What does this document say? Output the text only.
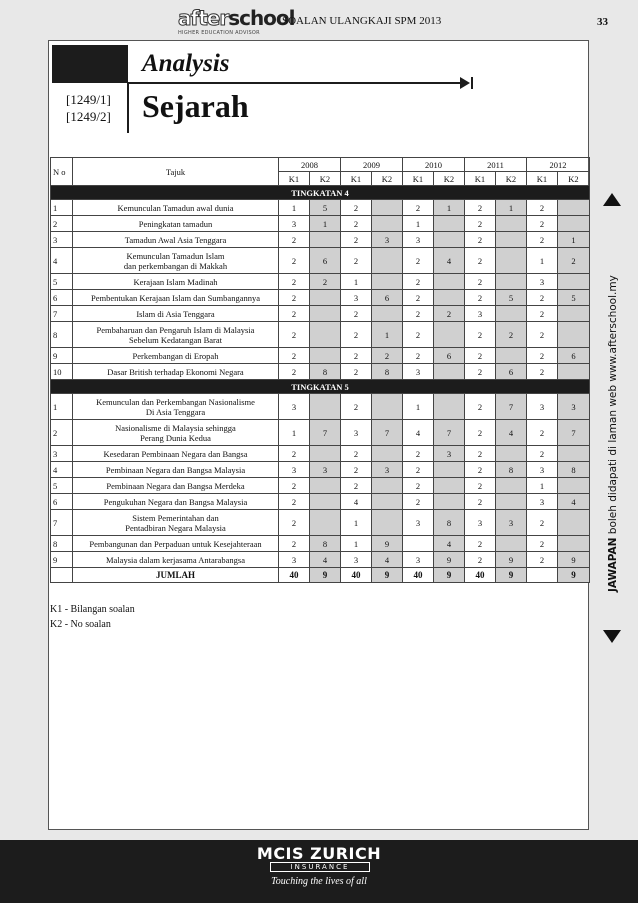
afterschool
HIGHER EDUCATION ADVISOR
SOALAN ULANGKAJI SPM 2013	33
Analysis
[1249/1]
[1249/2] Sejarah
N o	Tajuk	2008		2009		2010		2011		2012	
		K1	K2	K1	K2	K1	K2	K1	K2	K1	K2
TINGKATAN 4											
1	Kemunculan Tamadun awal dunia	1	5	2		2	1	2	1	2	
2	Peningkatan tamadun	3	1	2		1		2		2	
3	Tamadun Awal Asia Tenggara	2		2	3	3		2		2	1
4	Kemunculan Tamadun Islam
dan perkembangan di Makkah	2	6	2		2	4	2		1	2
5	Kerajaan Islam Madinah	2	2	1		2		2		3	
6	Pembentukan Kerajaan Islam dan Sumbangannya	2		3	6	2		2	5	2	5
7	Islam di Asia Tenggara	2		2		2	2	3		2	
8	Pembaharuan dan Pengaruh Islam di Malaysia
Sebelum Kedatangan Barat	2		2	1	2		2	2	2	
9	Perkembangan di Eropah	2		2	2	2	6	2		2	6
10	Dasar British terhadap Ekonomi Negara	2	8	2	8	3		2	6	2	
TINGKATAN 5											
1	Kemunculan dan Perkembangan Nasionalisme
Di Asia Tenggara	3		2		1		2	7	3	3
2	Nasionalisme di Malaysia sehingga
Perang Dunia Kedua	1	7	3	7	4	7	2	4	2	7
3	Kesedaran Pembinaan Negara dan Bangsa	2		2		2	3	2		2	
4	Pembinaan Negara dan Bangsa Malaysia	3	3	2	3	2		2	8	3	8
5	Pembinaan Negara dan Bangsa Merdeka	2		2		2		2		1	
6	Pengukuhan Negara dan Bangsa Malaysia	2		4		2		2		3	4
7	Sistem Pemerintahan dan
Pentadbiran Negara Malaysia	2		1		3	8	3	3	2	
8	Pembangunan dan Perpaduan untuk Kesejahteraan	2	8	1	9		4	2		2	
9	Malaysia dalam kerjasama Antarabangsa	3	4	3	4	3	9	2	9	2	9
	JUMLAH	40	9	40	9	40	9	40	9		9
K1 - Bilangan soalan
K2 - No soalan
JAWAPAN boleh didapati di laman web www.afterschool.my
MCIS ZURICH
INSURANCE
Touching the lives of all
